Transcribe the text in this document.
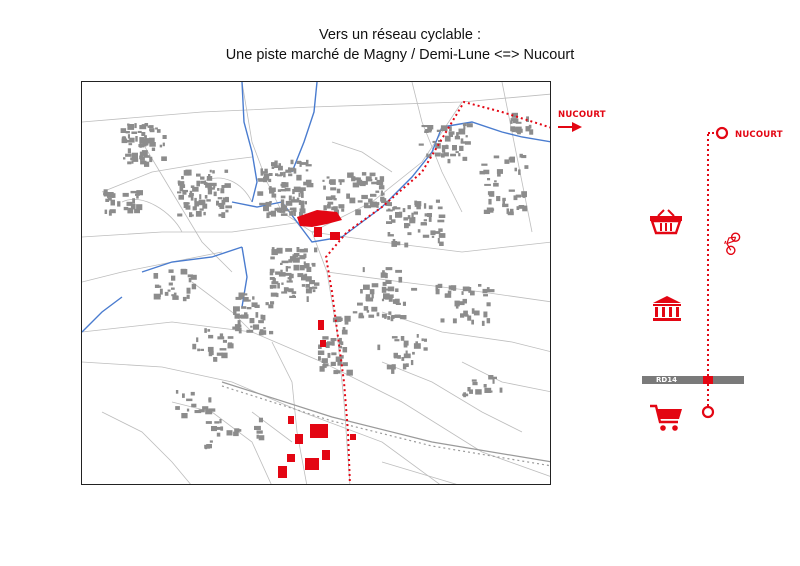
Vers un réseau cyclable :
Une piste marché de Magny / Demi-Lune <=> Nucourt
NUCOURT
NUCOURT
RD14
